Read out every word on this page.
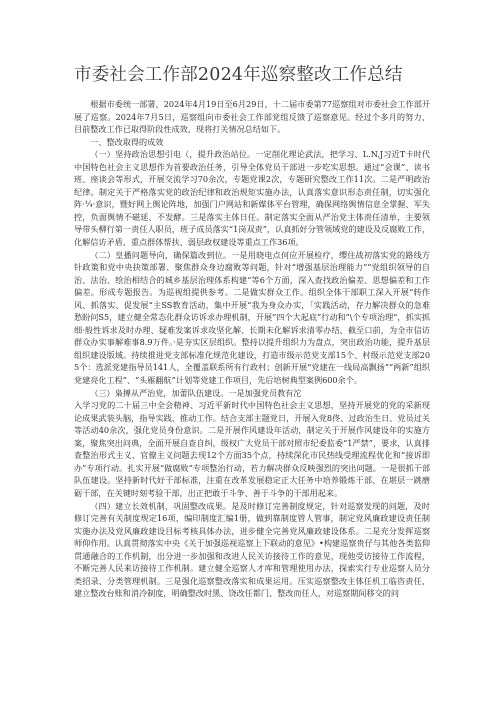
市委社会工作部2024年巡察整改工作总结

根据市委统一部署，2024年4月19日至6月29日，十二届市委第77巡察组对市委社会工作部开展了巡察。2024年7月5日，巡察组向市委社会工作部党组反馈了巡察意见。经过个多月的努力，目前整改工作已取得阶段性成效，现将打关情况总结如下。

一、整改取得的成效

（一）坚持政治思想引电（，提升政治站位。一定削化理论武法，把学习、L.N.J习近T卡时代中国特色社会主义思想作为首要政治任务，引导全体党员干部进一步吃实思想。通过“会课”、读书班、座谈会等形式，开展交流学习70余次，专题党课2次，专题研究整改工作11次。二是严明政治纪律。制定关于严格落实党的政治纪律和政治规矩实施办法，认真落实意识形态责任制，切实强化阵·¼·意识，暨好网上舆论阵地，加强门户网站和新媒体平台管理，确保网络舆情信息全掌握、军失控，负面舆情不磁延、不发酵。三是落实主体日任。制定落实全面从严治党主体责任清单，主要领导带头柳行第一责任人职员，班子成员落实“1岗双责”，认真抓好分管领域党的建设及反腐败工作，化解信访矛盾、重点群体帮扶、弱层政权建设等重点工作36项。

（二）皇播问题导向，确保篇改到位。一是用晓电点何应开展检疗，缨住战初落实党的路线方针政策和党中央抉策部署、聚焦群众身边腐败等问题，针对“增强基层治理能力”“党组织领导的自治、法治、绘治相结合的城乡基层治理体系构建”等6个方面，深入查找政治偏差、思想偏差和工作偏差。形成专题报告。为巡视组提供参考。二是做实群众工作。组织全体干部职工深入开展“转作风、抓落实、促发展“主SS教育活动，集中开展“我为身众办实，「实践活动，存力解决群众的急难愁盼问S5，建立健全常态化群众访诉求办理机制，开展”四个大起底”行动和”\个专项治理“，抓实抓细·般性诉求及时办理、疑难发案诉求攻坚化解、长期未化解诉求清零办结、截至口前，为全市信访群众办实事解难事8.9万件。·是夯实区层组织。整持以提升组织力为盘点，突出政治功能，提升基层组织建设版域。持续推进党支部标准化规范化建设，打造市级示范党支部15个、村级示范党支部205个：选派党建指导员141人，全覆盖联系所有行政村；创新开展“党建在一线局高飘扬”“两新”组织党建亮化工程”、“头雁翻航”计划等党建工作项目，先后培树典型案例600余个。

（三）枭搏从严治党，加蕾队伍建设。一是加强党员教有沱

入学习党的二十届三中全会精神、习近平新时代中国特色社会主义思想，坚持开展党的党的采新现论成果武装头脑，指导实践、推动工作。结合支部主题党日，开展入党8佟、过政治生日、党员过关等活动40余次，强化党员身份意识。二是开展作风建设年活动，制定关于开展作风建设年的实施方案，聚焦突出问典，全面开展自查自纠，级权广大党员干部对照市纪委监委“1严禁”，要求，认真排查整治形式主义、官僚主义问题去现12个方面35个点，持续深化市民热线受理流程优化和“接诉即办”专项行动。扎实开展“做腐败”专项整治行动，若力解决群众反映强烈的突出问题。一是很抓干部队伍建设。坚持新时代好干部标准，注重在改革发展稳定正大任务中培养锻炼干部、在堪层一跳磨砺干部，在关键时刻考验干部，出正把敢于斗争、善于斗争的干部用起来。

（四）建立长效机制，巩固整改成果。是及时修订完善制度规定，针对巡察发现的问题，及时修订完善有关制度规定16项，编印制度汇编1册，做到靠制度管人管事，制定党风廉政建设责任制实施办法及党风廉政建设目标考核具体办法，进步健全完善党风廉政建设体系。二是充分发挥巡察师仰作用。认真贯彻落实中央《关于加强巡视巡察上下联动的意见》•构建巡察贵仔与其他各类监仰贯通融合的工作机制，出分进一步加强和改进人民关访接待工作的意见，现他受访接待工作流程，不断完善人民来访接待工作机制。建立健全巡察人才库和管理使用办法，探索实行专业巡察人员分类招录、分类管理机制。三是强化巡察整改落实和成果运用。压实巡察整改主体任机工临咨责任，建立整改台账和消冷制度，明确整改时黑、饶改任都门、整改而任人，对巡察期间移交的问
